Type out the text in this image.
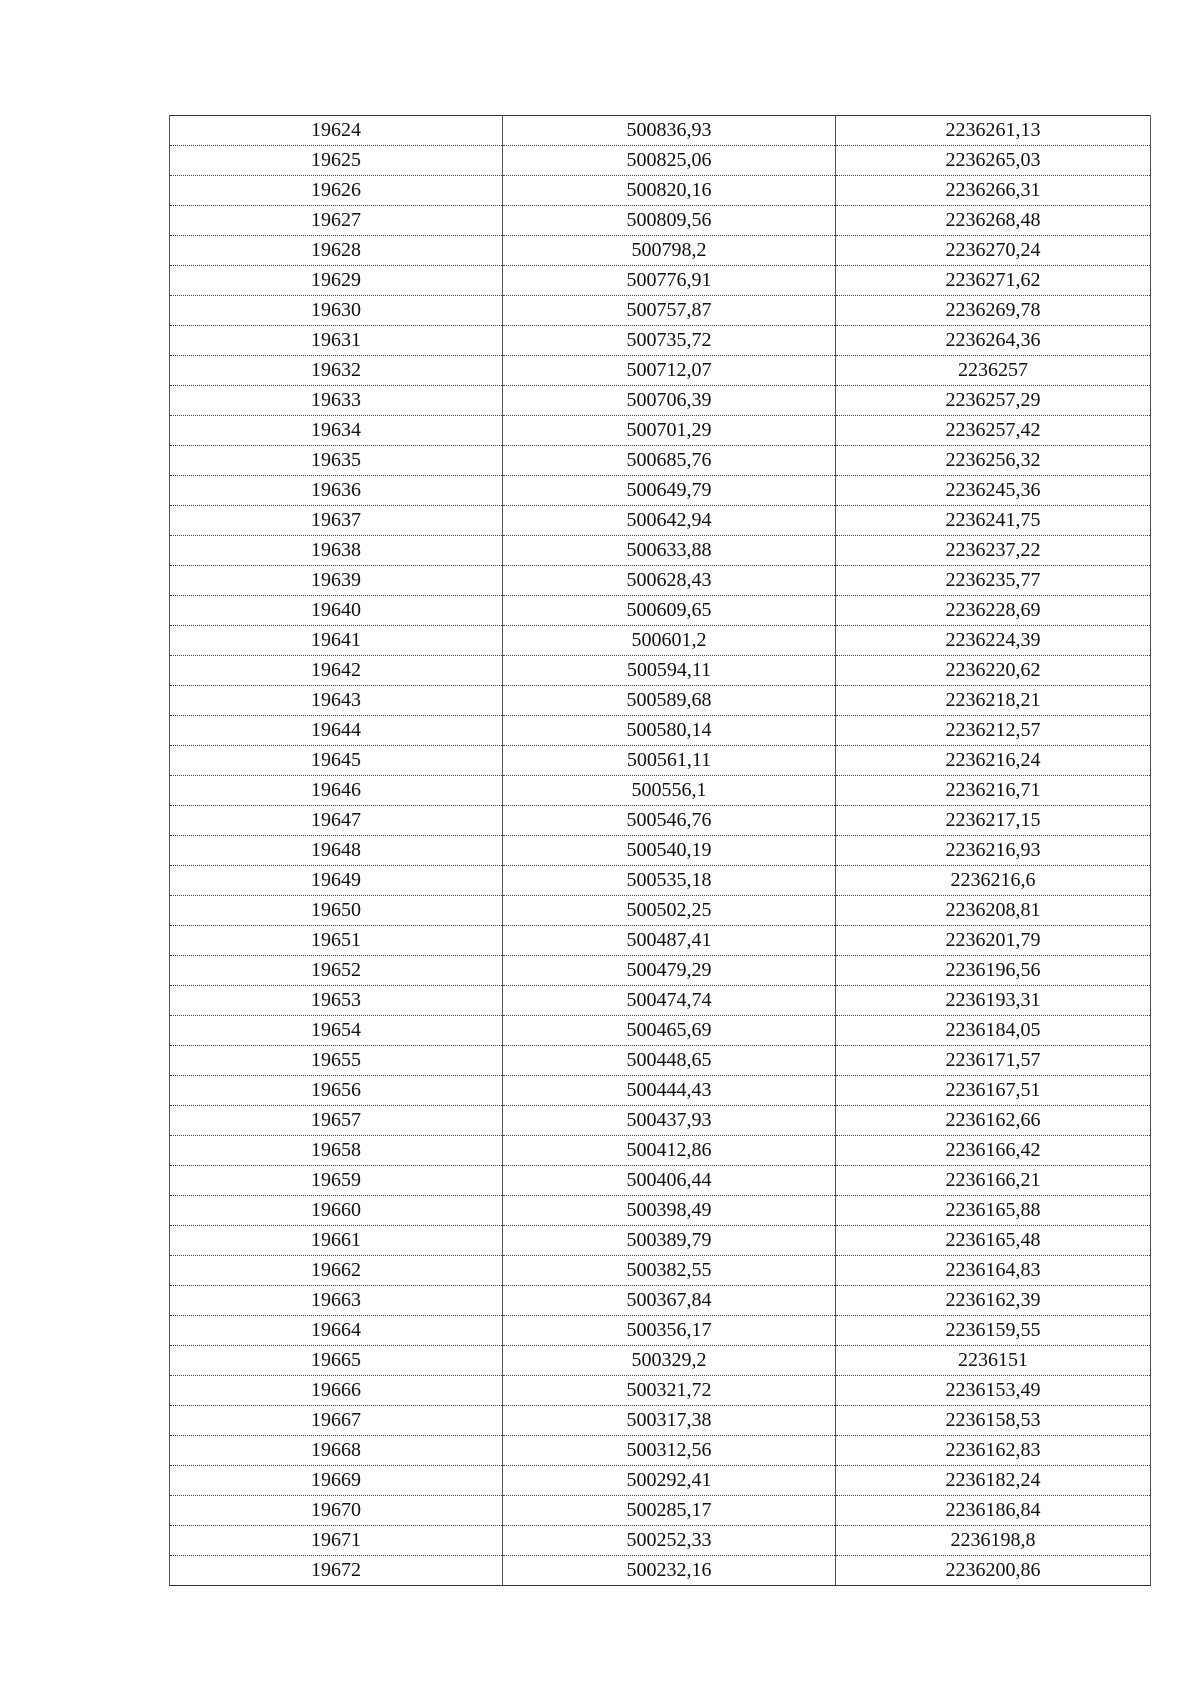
19624	500836,93	2236261,13
19625	500825,06	2236265,03
19626	500820,16	2236266,31
19627	500809,56	2236268,48
19628	500798,2	2236270,24
19629	500776,91	2236271,62
19630	500757,87	2236269,78
19631	500735,72	2236264,36
19632	500712,07	2236257
19633	500706,39	2236257,29
19634	500701,29	2236257,42
19635	500685,76	2236256,32
19636	500649,79	2236245,36
19637	500642,94	2236241,75
19638	500633,88	2236237,22
19639	500628,43	2236235,77
19640	500609,65	2236228,69
19641	500601,2	2236224,39
19642	500594,11	2236220,62
19643	500589,68	2236218,21
19644	500580,14	2236212,57
19645	500561,11	2236216,24
19646	500556,1	2236216,71
19647	500546,76	2236217,15
19648	500540,19	2236216,93
19649	500535,18	2236216,6
19650	500502,25	2236208,81
19651	500487,41	2236201,79
19652	500479,29	2236196,56
19653	500474,74	2236193,31
19654	500465,69	2236184,05
19655	500448,65	2236171,57
19656	500444,43	2236167,51
19657	500437,93	2236162,66
19658	500412,86	2236166,42
19659	500406,44	2236166,21
19660	500398,49	2236165,88
19661	500389,79	2236165,48
19662	500382,55	2236164,83
19663	500367,84	2236162,39
19664	500356,17	2236159,55
19665	500329,2	2236151
19666	500321,72	2236153,49
19667	500317,38	2236158,53
19668	500312,56	2236162,83
19669	500292,41	2236182,24
19670	500285,17	2236186,84
19671	500252,33	2236198,8
19672	500232,16	2236200,86
